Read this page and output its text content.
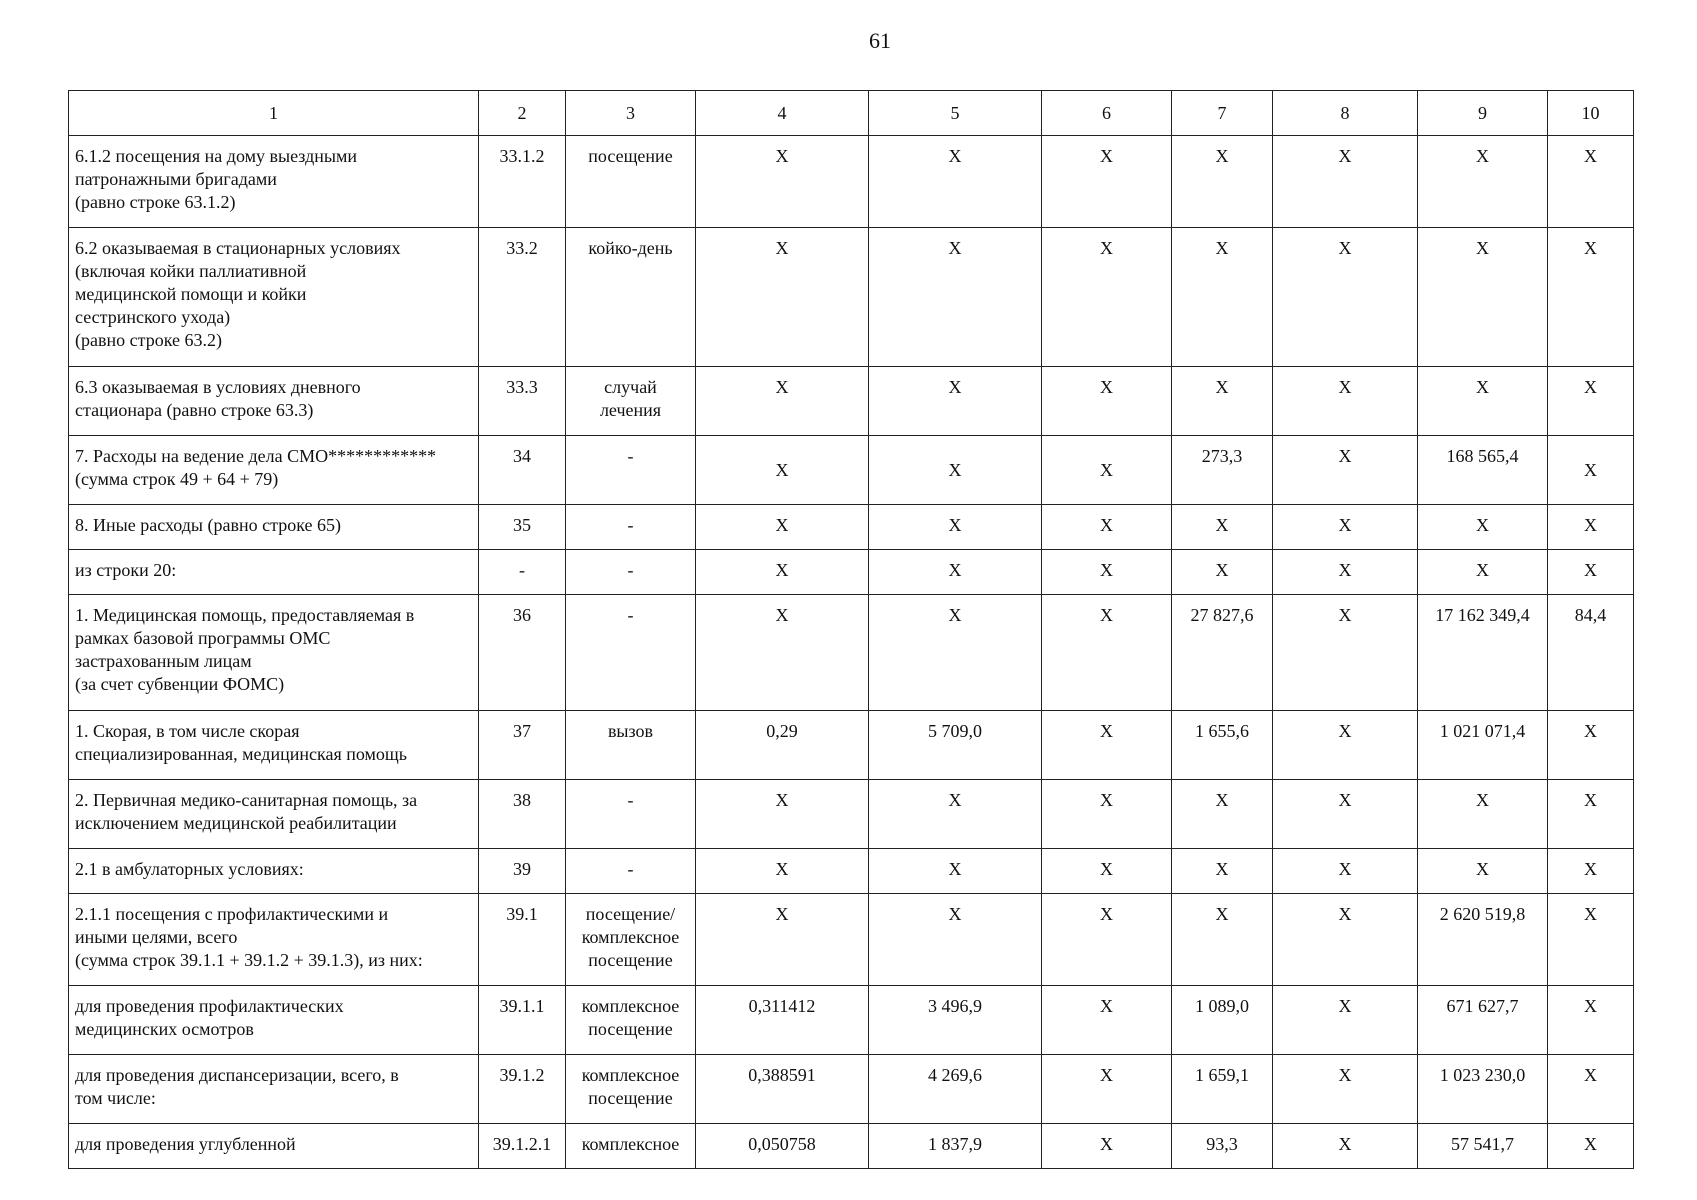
61
1	2	3	4	5	6	7	8	9	10

6.1.2 посещения на дому выездными
патронажными бригадами
(равно строке 63.1.2)	33.1.2	посещение	X	X	X	X	X	X	X

6.2 оказываемая в стационарных условиях
(включая койки паллиативной
медицинской помощи и койки
сестринского ухода)
(равно строке 63.2)	33.2	койко-день	X	X	X	X	X	X	X

6.3 оказываемая в условиях дневного
стационара (равно строке 63.3)	33.3	случай
лечения	X	X	X	X	X	X	X

7. Расходы на ведение дела СМО************
(сумма строк 49 + 64 + 79)	34	-	X	X	X	273,3	X	168 565,4	X

8. Иные расходы (равно строке 65)	35	-	X	X	X	X	X	X	X

из строки 20:	-	-	X	X	X	X	X	X	X

1. Медицинская помощь, предоставляемая в
рамках базовой программы ОМС
застрахованным лицам
(за счет субвенции ФОМС)	36	-	X	X	X	27 827,6	X	17 162 349,4	84,4

1. Скорая, в том числе скорая
специализированная, медицинская помощь	37	вызов	0,29	5 709,0	X	1 655,6	X	1 021 071,4	X

2. Первичная медико-санитарная помощь, за
исключением медицинской реабилитации	38	-	X	X	X	X	X	X	X

2.1 в амбулаторных условиях:	39	-	X	X	X	X	X	X	X

2.1.1 посещения с профилактическими и
иными целями, всего
(сумма строк 39.1.1 + 39.1.2 + 39.1.3), из них:	39.1	посещение/
комплексное
посещение	X	X	X	X	X	2 620 519,8	X

для проведения профилактических
медицинских осмотров	39.1.1	комплексное
посещение	0,311412	3 496,9	X	1 089,0	X	671 627,7	X

для проведения диспансеризации, всего, в
том числе:	39.1.2	комплексное
посещение	0,388591	4 269,6	X	1 659,1	X	1 023 230,0	X

для проведения углубленной	39.1.2.1	комплексное	0,050758	1 837,9	X	93,3	X	57 541,7	X
